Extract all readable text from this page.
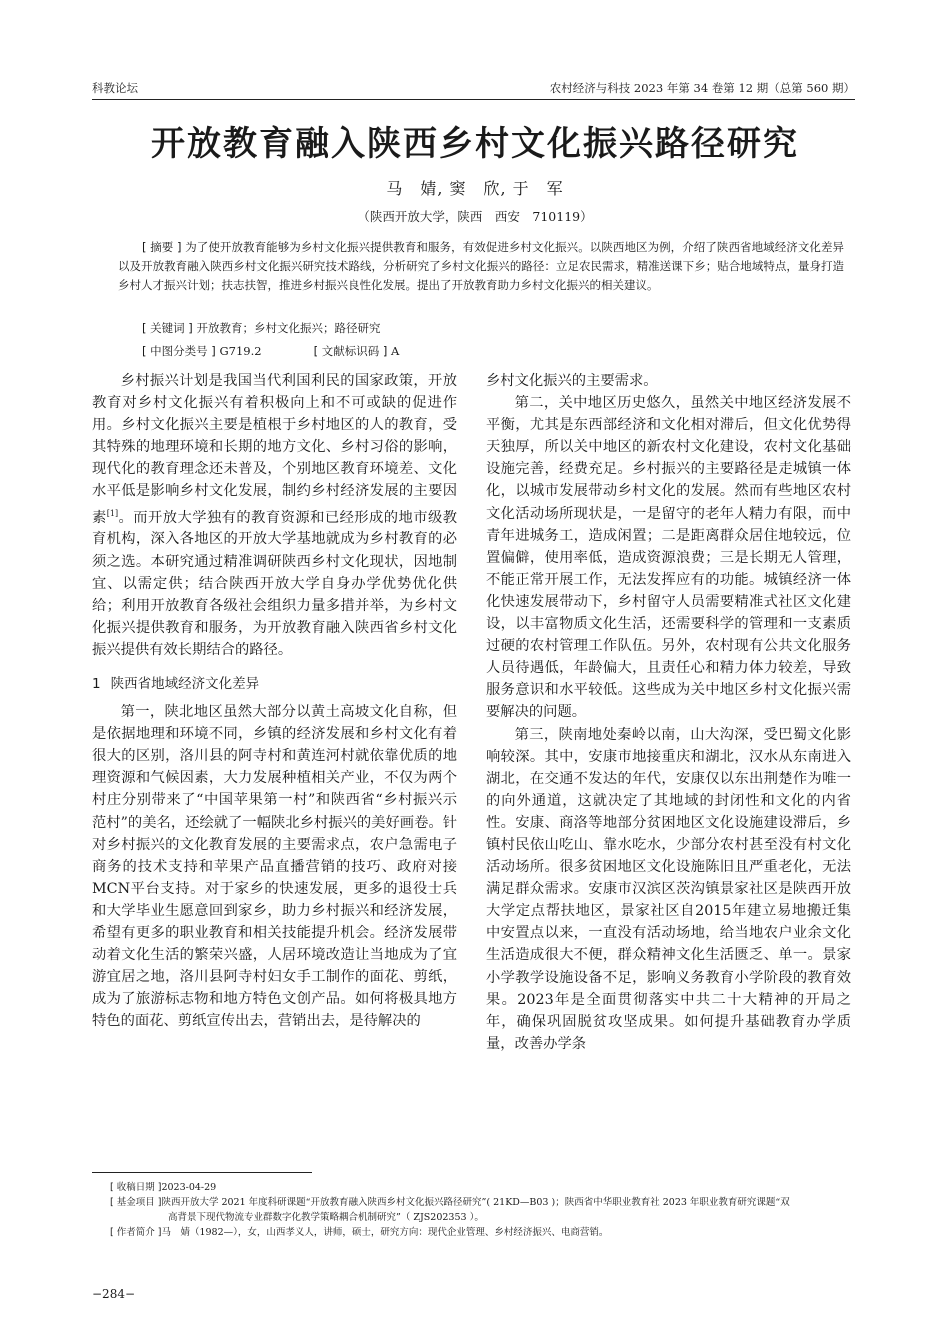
科教论坛	农村经济与科技 2023 年第 34 卷第 12 期（总第 560 期）
开放教育融入陕西乡村文化振兴路径研究
马　婧, 窦　欣, 于　军
（陕西开放大学，陕西　西安　710119）
[ 摘要 ] 为了使开放教育能够为乡村文化振兴提供教育和服务，有效促进乡村文化振兴。以陕西地区为例，介绍了陕西省地域经济文化差异以及开放教育融入陕西乡村文化振兴研究技术路线，分析研究了乡村文化振兴的路径：立足农民需求，精准送课下乡；贴合地域特点，量身打造乡村人才振兴计划；扶志扶智，推进乡村振兴良性化发展。提出了开放教育助力乡村文化振兴的相关建议。
[ 关键词 ] 开放教育；乡村文化振兴；路径研究
[ 中图分类号 ] G719.2	[ 文献标识码 ] A

乡村振兴计划是我国当代利国利民的国家政策，开放教育对乡村文化振兴有着积极向上和不可或缺的促进作用。乡村文化振兴主要是植根于乡村地区的人的教育，受其特殊的地理环境和长期的地方文化、乡村习俗的影响，现代化的教育理念还未普及，个别地区教育环境差、文化水平低是影响乡村文化发展，制约乡村经济发展的主要因素[1]。而开放大学独有的教育资源和已经形成的地市级教育机构，深入各地区的开放大学基地就成为乡村教育的必须之选。本研究通过精准调研陕西乡村文化现状，因地制宜、以需定供；结合陕西开放大学自身办学优势优化供给；利用开放教育各级社会组织力量多措并举，为乡村文化振兴提供教育和服务，为开放教育融入陕西省乡村文化振兴提供有效长期结合的路径。

1 陕西省地域经济文化差异

第一，陕北地区虽然大部分以黄土高坡文化自称，但是依据地理和环境不同，乡镇的经济发展和乡村文化有着很大的区别，洛川县的阿寺村和黄连河村就依靠优质的地理资源和气候因素，大力发展种植相关产业，不仅为两个村庄分别带来了“中国苹果第一村”和陕西省“乡村振兴示范村”的美名，还绘就了一幅陕北乡村振兴的美好画卷。针对乡村振兴的文化教育发展的主要需求点，农户急需电子商务的技术支持和苹果产品直播营销的技巧、政府对接MCN平台支持。对于家乡的快速发展，更多的退役士兵和大学毕业生愿意回到家乡，助力乡村振兴和经济发展，希望有更多的职业教育和相关技能提升机会。经济发展带动着文化生活的繁荣兴盛，人居环境改造让当地成为了宜游宜居之地，洛川县阿寺村妇女手工制作的面花、剪纸，成为了旅游标志物和地方特色文创产品。如何将极具地方特色的面花、剪纸宣传出去，营销出去，是待解决的

乡村文化振兴的主要需求。

第二，关中地区历史悠久，虽然关中地区经济发展不平衡，尤其是东西部经济和文化相对滞后，但文化优势得天独厚，所以关中地区的新农村文化建设，农村文化基础设施完善，经费充足。乡村振兴的主要路径是走城镇一体化，以城市发展带动乡村文化的发展。然而有些地区农村文化活动场所现状是，一是留守的老年人精力有限，而中青年进城务工，造成闲置；二是距离群众居住地较远，位置偏僻，使用率低，造成资源浪费；三是长期无人管理，不能正常开展工作，无法发挥应有的功能。城镇经济一体化快速发展带动下，乡村留守人员需要精准式社区文化建设，以丰富物质文化生活，还需要科学的管理和一支素质过硬的农村管理工作队伍。另外，农村现有公共文化服务人员待遇低，年龄偏大，且责任心和精力体力较差，导致服务意识和水平较低。这些成为关中地区乡村文化振兴需要解决的问题。

第三，陕南地处秦岭以南，山大沟深，受巴蜀文化影响较深。其中，安康市地接重庆和湖北，汉水从东南进入湖北，在交通不发达的年代，安康仅以东出荆楚作为唯一的向外通道，这就决定了其地域的封闭性和文化的内省性。安康、商洛等地部分贫困地区文化设施建设滞后，乡镇村民依山吃山、靠水吃水，少部分农村甚至没有村文化活动场所。很多贫困地区文化设施陈旧且严重老化，无法满足群众需求。安康市汉滨区茨沟镇景家社区是陕西开放大学定点帮扶地区，景家社区自2015年建立易地搬迁集中安置点以来，一直没有活动场地，给当地农户业余文化生活造成很大不便，群众精神文化生活匮乏、单一。景家小学教学设施设备不足，影响义务教育小学阶段的教育效果。2023年是全面贯彻落实中共二十大精神的开局之年，确保巩固脱贫攻坚成果。如何提升基础教育办学质量，改善办学条

[ 收稿日期 ]2023-04-29
[ 基金项目 ]陕西开放大学 2021 年度科研课题“开放教育融入陕西乡村文化振兴路径研究”( 21KD—B03 )；陕西省中华职业教育社 2023 年职业教育研究课题“双
高背景下现代物流专业群数字化教学策略耦合机制研究”（ ZJS202353 ）。
[ 作者简介 ]马　婧（1982—），女，山西孝义人，讲师，硕士，研究方向：现代企业管理、乡村经济振兴、电商营销。
−284−
